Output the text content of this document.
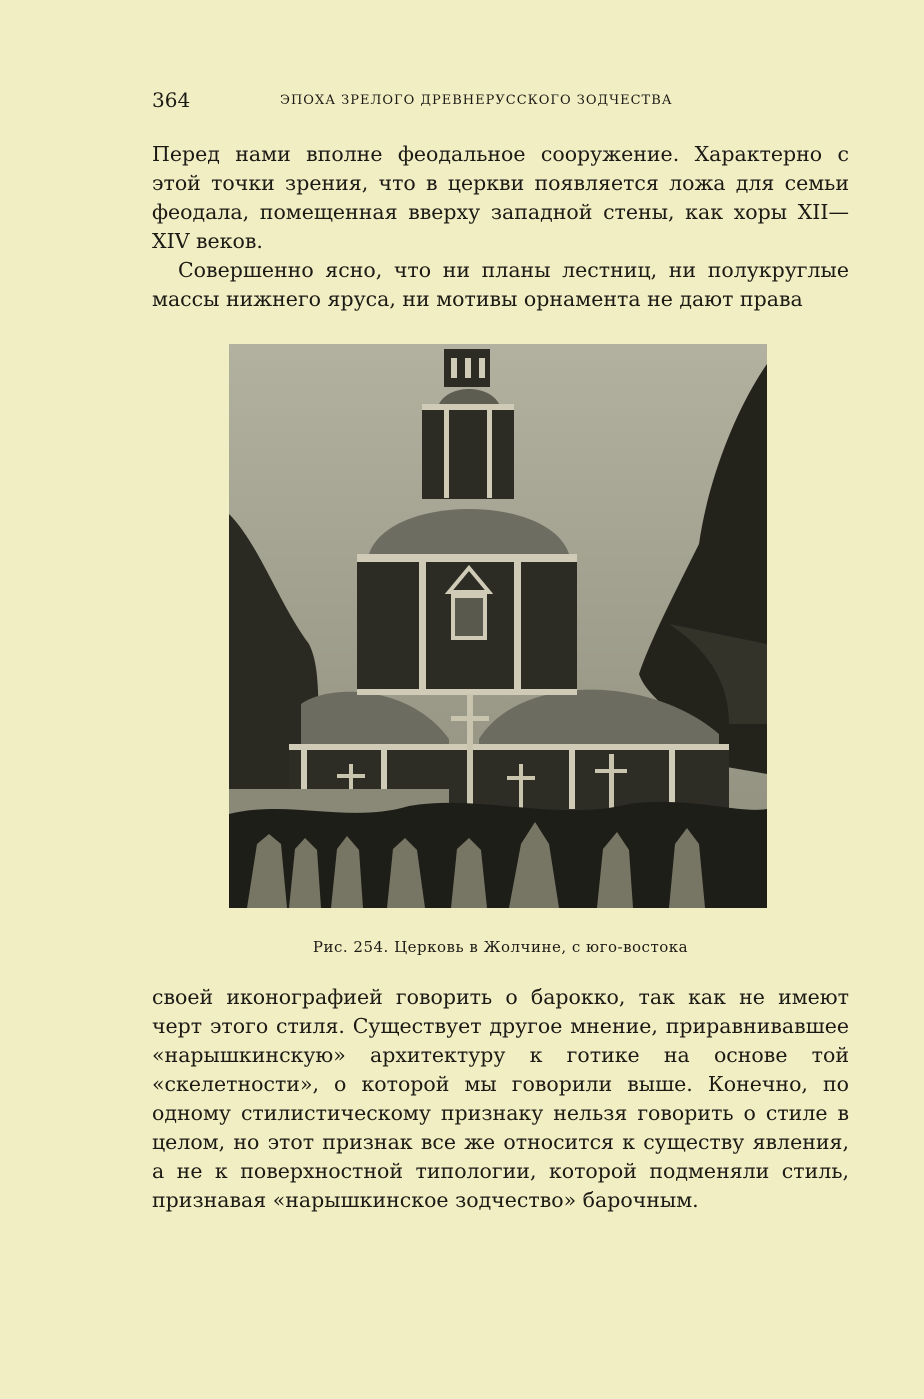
364	ЭПОХА ЗРЕЛОГО ДРЕВНЕРУССКОГО ЗОДЧЕСТВА

Перед нами вполне феодальное сооружение. Характерно с этой точки зрения, что в церкви появляется ложа для семьи феодала, помещенная вверху западной стены, как хоры XII—XIV веков.

Совершенно ясно, что ни планы лестниц, ни полукруглые массы нижнего яруса, ни мотивы орнамента не дают права

Рис. 254. Церковь в Жолчине, с юго-востока

своей иконографией говорить о барокко, так как не имеют черт этого стиля. Существует другое мнение, приравнивавшее «нарышкинскую» архитектуру к готике на основе той «скелетности», о которой мы говорили выше. Конечно, по одному стилистическому признаку нельзя говорить о стиле в целом, но этот признак все же относится к существу явления, а не к поверхностной типологии, которой подменяли стиль, признавая «нарышкинское зодчество» барочным.
